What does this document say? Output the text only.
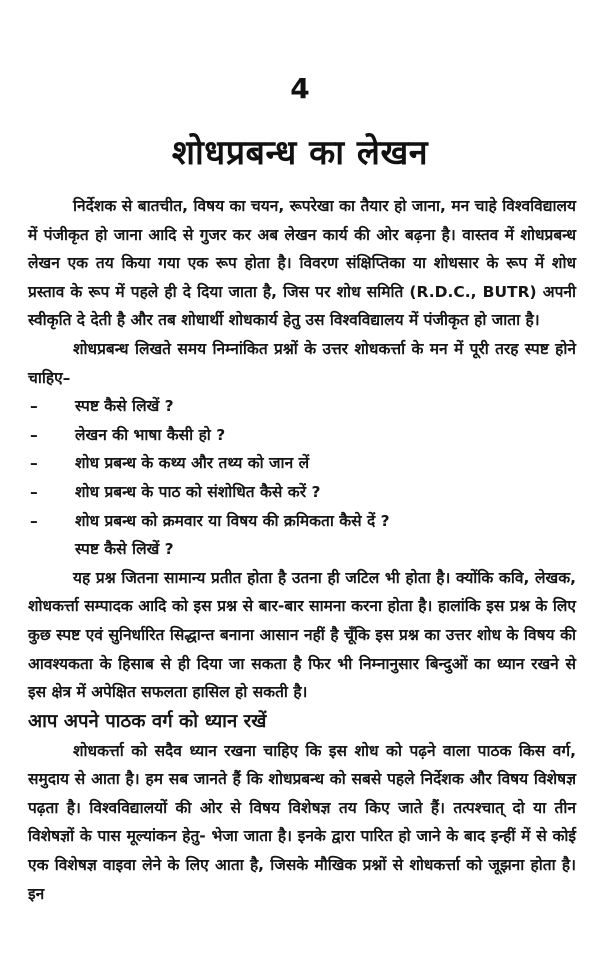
4
शोधप्रबन्ध का लेखन

निर्देशक से बातचीत, विषय का चयन, रूपरेखा का तैयार हो जाना, मन चाहे विश्वविद्यालय में पंजीकृत हो जाना आदि से गुजर कर अब लेखन कार्य की ओर बढ़ना है। वास्तव में शोधप्रबन्ध लेखन एक तय किया गया एक रूप होता है। विवरण संक्षिप्तिका या शोधसार के रूप में शोध प्रस्ताव के रूप में पहले ही दे दिया जाता है, जिस पर शोध समिति (R.D.C., BUTR) अपनी स्वीकृति दे देती है और तब शोधार्थी शोधकार्य हेतु उस विश्वविद्यालय में पंजीकृत हो जाता है।

शोधप्रबन्ध लिखते समय निम्नांकित प्रश्नों के उत्तर शोधकर्त्ता के मन में पूरी तरह स्पष्ट होने चाहिए–

– स्पष्ट कैसे लिखें ?
– लेखन की भाषा कैसी हो ?
– शोध प्रबन्ध के कथ्य और तथ्य को जान लें
– शोध प्रबन्ध के पाठ को संशोधित कैसे करें ?
– शोध प्रबन्ध को क्रमवार या विषय की क्रमिकता कैसे दें ?

स्पष्ट कैसे लिखें ?

यह प्रश्न जितना सामान्य प्रतीत होता है उतना ही जटिल भी होता है। क्योंकि कवि, लेखक, शोधकर्त्ता सम्पादक आदि को इस प्रश्न से बार-बार सामना करना होता है। हालांकि इस प्रश्न के लिए कुछ स्पष्ट एवं सुनिर्धारित सिद्धान्त बनाना आसान नहीं है चूँकि इस प्रश्न का उत्तर शोध के विषय की आवश्यकता के हिसाब से ही दिया जा सकता है फिर भी निम्नानुसार बिन्दुओं का ध्यान रखने से इस क्षेत्र में अपेक्षित सफलता हासिल हो सकती है।

आप अपने पाठक वर्ग को ध्यान रखें

शोधकर्त्ता को सदैव ध्यान रखना चाहिए कि इस शोध को पढ़ने वाला पाठक किस वर्ग, समुदाय से आता है। हम सब जानते हैं कि शोधप्रबन्ध को सबसे पहले निर्देशक और विषय विशेषज्ञ पढ़ता है। विश्वविद्यालयों की ओर से विषय विशेषज्ञ तय किए जाते हैं। तत्पश्चात् दो या तीन विशेषज्ञों के पास मूल्यांकन हेतु- भेजा जाता है। इनके द्वारा पारित हो जाने के बाद इन्हीं में से कोई एक विशेषज्ञ वाइवा लेने के लिए आता है, जिसके मौखिक प्रश्नों से शोधकर्त्ता को जूझना होता है। इन
